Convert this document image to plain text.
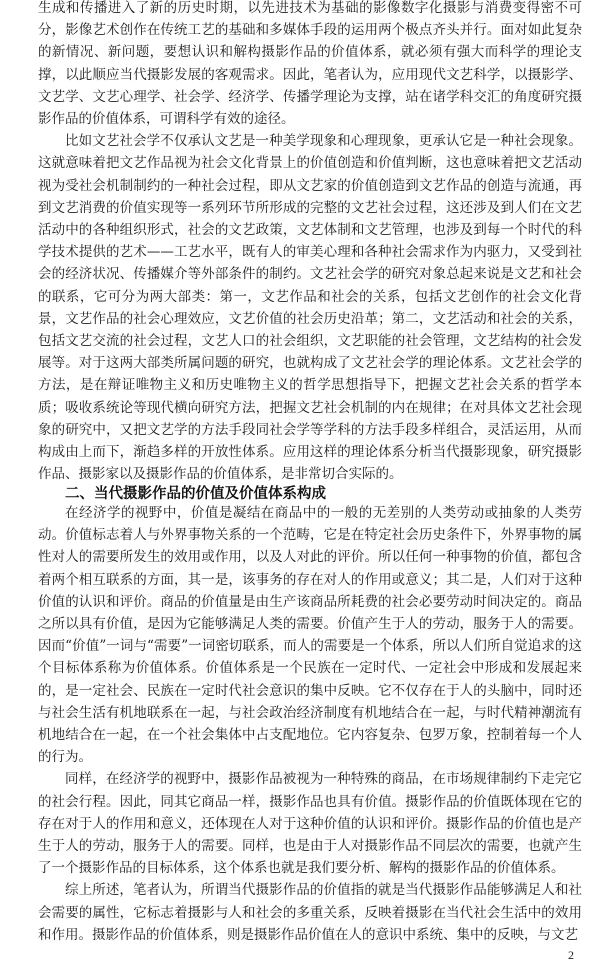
生成和传播进入了新的历史时期，以先进技术为基础的影像数字化摄影与消费变得密不可分，影像艺术创作在传统工艺的基础和多媒体手段的运用两个极点齐头并行。面对如此复杂的新情况、新问题，要想认识和解构摄影作品的价值体系，就必须有强大而科学的理论支撑，以此顺应当代摄影发展的客观需求。因此，笔者认为，应用现代文艺科学，以摄影学、文艺学、文艺心理学、社会学、经济学、传播学理论为支撑，站在诸学科交汇的角度研究摄影作品的价值体系，可谓科学有效的途径。

比如文艺社会学不仅承认文艺是一种美学现象和心理现象，更承认它是一种社会现象。这就意味着把文艺作品视为社会文化背景上的价值创造和价值判断，这也意味着把文艺活动视为受社会机制制约的一种社会过程，即从文艺家的价值创造到文艺作品的创造与流通，再到文艺消费的价值实现等一系列环节所形成的完整的文艺社会过程，这还涉及到人们在文艺活动中的各种组织形式，社会的文艺政策，文艺体制和文艺管理，也涉及到每一个时代的科学技术提供的艺术——工艺水平，既有人的审美心理和各种社会需求作为内驱力，又受到社会的经济状况、传播媒介等外部条件的制约。文艺社会学的研究对象总起来说是文艺和社会的联系，它可分为两大部类：第一，文艺作品和社会的关系，包括文艺创作的社会文化背景，文艺作品的社会心理效应，文艺价值的社会历史沿革；第二，文艺活动和社会的关系，包括文艺交流的社会过程，文艺人口的社会组织，文艺职能的社会管理，文艺结构的社会发展等。对于这两大部类所属问题的研究，也就构成了文艺社会学的理论体系。文艺社会学的方法，是在辩证唯物主义和历史唯物主义的哲学思想指导下，把握文艺社会关系的哲学本质；吸收系统论等现代横向研究方法，把握文艺社会机制的内在规律；在对具体文艺社会现象的研究中，又把文艺学的方法手段同社会学等学科的方法手段多样组合，灵活运用，从而构成由上而下，渐趋多样的开放性体系。应用这样的理论体系分析当代摄影现象，研究摄影作品、摄影家以及摄影作品的价值体系，是非常切合实际的。

二、当代摄影作品的价值及价值体系构成

在经济学的视野中，价值是凝结在商品中的一般的无差别的人类劳动或抽象的人类劳动。价值标志着人与外界事物关系的一个范畴，它是在特定社会历史条件下，外界事物的属性对人的需要所发生的效用或作用，以及人对此的评价。所以任何一种事物的价值，都包含着两个相互联系的方面，其一是，该事务的存在对人的作用或意义；其二是，人们对于这种价值的认识和评价。商品的价值量是由生产该商品所耗费的社会必要劳动时间决定的。商品之所以具有价值，是因为它能够满足人类的需要。价值产生于人的劳动，服务于人的需要。因而“价值”一词与“需要”一词密切联系，而人的需要是一个体系，所以人们所自觉追求的这个目标体系称为价值体系。价值体系是一个民族在一定时代、一定社会中形成和发展起来的，是一定社会、民族在一定时代社会意识的集中反映。它不仅存在于人的头脑中，同时还与社会生活有机地联系在一起，与社会政治经济制度有机地结合在一起，与时代精神潮流有机地结合在一起，在一个社会集体中占支配地位。它内容复杂、包罗万象，控制着每一个人的行为。

同样，在经济学的视野中，摄影作品被视为一种特殊的商品，在市场规律制约下走完它的社会行程。因此，同其它商品一样，摄影作品也具有价值。摄影作品的价值既体现在它的存在对于人的作用和意义，还体现在人对于这种价值的认识和评价。摄影作品的价值也是产生于人的劳动，服务于人的需要。同样，也是由于人对摄影作品不同层次的需要，也就产生了一个摄影作品的目标体系，这个体系也就是我们要分析、解构的摄影作品的价值体系。

综上所述，笔者认为，所谓当代摄影作品的价值指的就是当代摄影作品能够满足人和社会需要的属性，它标志着摄影与人和社会的多重关系，反映着摄影在当代社会生活中的效用和作用。摄影作品的价值体系，则是摄影作品价值在人的意识中系统、集中的反映，与文艺

2
